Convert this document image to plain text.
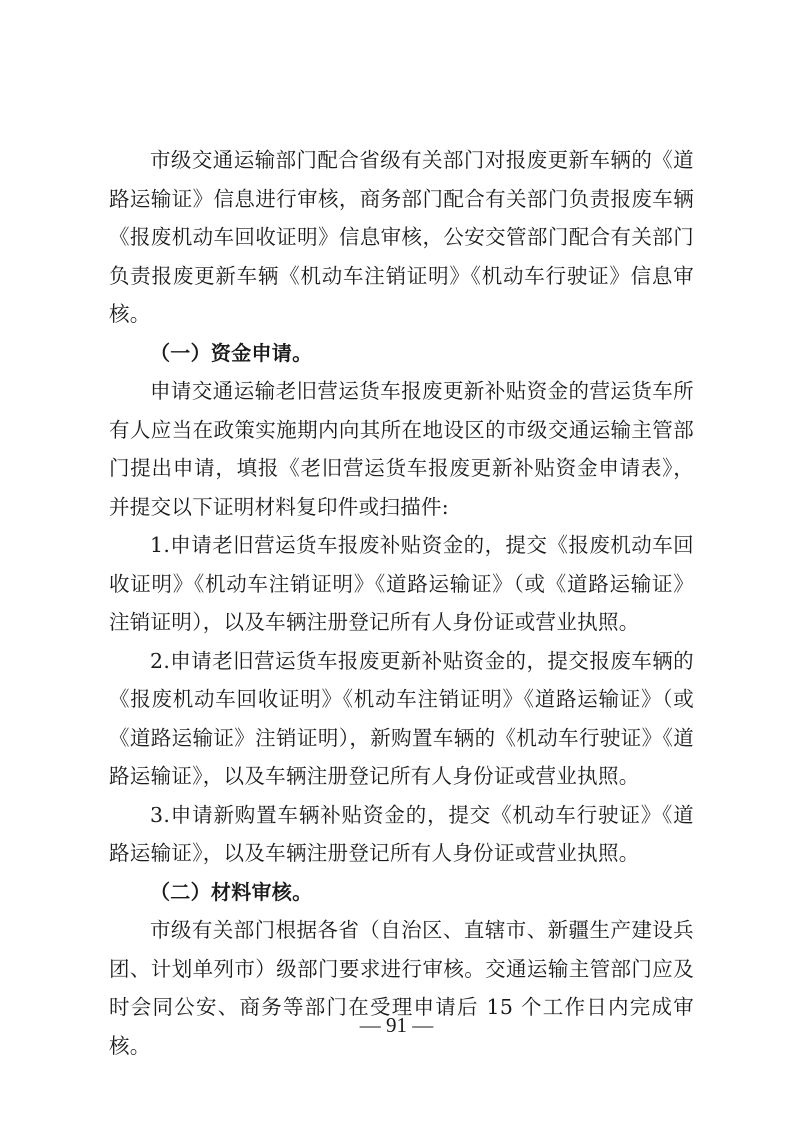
市级交通运输部门配合省级有关部门对报废更新车辆的《道路运输证》信息进行审核，商务部门配合有关部门负责报废车辆《报废机动车回收证明》信息审核，公安交管部门配合有关部门负责报废更新车辆《机动车注销证明》《机动车行驶证》信息审核。

（一）资金申请。

申请交通运输老旧营运货车报废更新补贴资金的营运货车所有人应当在政策实施期内向其所在地设区的市级交通运输主管部门提出申请，填报《老旧营运货车报废更新补贴资金申请表》，并提交以下证明材料复印件或扫描件:

1.申请老旧营运货车报废补贴资金的，提交《报废机动车回收证明》《机动车注销证明》《道路运输证》（或《道路运输证》注销证明），以及车辆注册登记所有人身份证或营业执照。

2.申请老旧营运货车报废更新补贴资金的，提交报废车辆的《报废机动车回收证明》《机动车注销证明》《道路运输证》（或《道路运输证》注销证明），新购置车辆的《机动车行驶证》《道路运输证》，以及车辆注册登记所有人身份证或营业执照。

3.申请新购置车辆补贴资金的，提交《机动车行驶证》《道路运输证》，以及车辆注册登记所有人身份证或营业执照。

（二）材料审核。

市级有关部门根据各省（自治区、直辖市、新疆生产建设兵团、计划单列市）级部门要求进行审核。交通运输主管部门应及时会同公安、商务等部门在受理申请后 15 个工作日内完成审核。

— 91 —
